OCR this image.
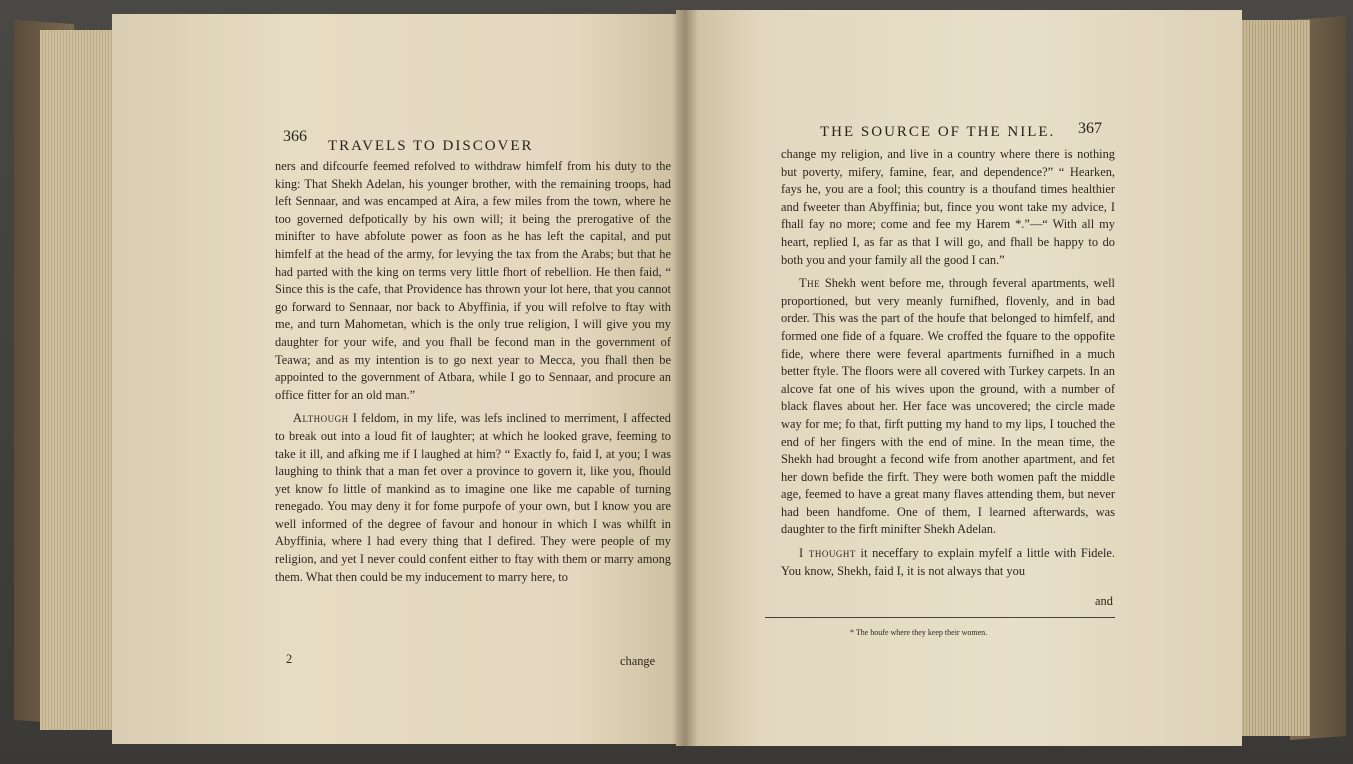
366
TRAVELS TO DISCOVER

ners and difcourfe feemed refolved to withdraw himfelf from his duty to the king: That Shekh Adelan, his younger brother, with the remaining troops, had left Sennaar, and was encamped at Aira, a few miles from the town, where he too governed defpotically by his own will; it being the prerogative of the minifter to have abfolute power as foon as he has left the capital, and put himfelf at the head of the army, for levying the tax from the Arabs; but that he had parted with the king on terms very little fhort of rebellion. He then faid, “ Since this is the cafe, that Providence has thrown your lot here, that you cannot go forward to Sennaar, nor back to Abyffinia, if you will refolve to ftay with me, and turn Mahometan, which is the only true religion, I will give you my daughter for your wife, and you fhall be fecond man in the government of Teawa; and as my intention is to go next year to Mecca, you fhall then be appointed to the government of Atbara, while I go to Sennaar, and procure an office fitter for an old man.”

Although I feldom, in my life, was lefs inclined to merriment, I affected to break out into a loud fit of laughter; at which he looked grave, feeming to take it ill, and afking me if I laughed at him? “ Exactly fo, faid I, at you; I was laughing to think that a man fet over a province to govern it, like you, fhould yet know fo little of mankind as to imagine one like me capable of turning renegado. You may deny it for fome purpofe of your own, but I know you are well informed of the degree of favour and honour in which I was whilft in Abyffinia, where I had every thing that I defired. They were people of my religion, and yet I never could confent either to ftay with them or marry among them. What then could be my inducement to marry here, to

2	change
THE SOURCE OF THE NILE. 367

change my religion, and live in a country where there is nothing but poverty, mifery, famine, fear, and dependence?” “ Hearken, fays he, you are a fool; this country is a thoufand times healthier and fweeter than Abyffinia; but, fince you wont take my advice, I fhall fay no more; come and fee my Harem *.”—“ With all my heart, replied I, as far as that I will go, and fhall be happy to do both you and your family all the good I can.”

The Shekh went before me, through feveral apartments, well proportioned, but very meanly furnifhed, flovenly, and in bad order. This was the part of the houfe that belonged to himfelf, and formed one fide of a fquare. We croffed the fquare to the oppofite fide, where there were feveral apartments furnifhed in a much better ftyle. The floors were all covered with Turkey carpets. In an alcove fat one of his wives upon the ground, with a number of black flaves about her. Her face was uncovered; the circle made way for me; fo that, firft putting my hand to my lips, I touched the end of her fingers with the end of mine. In the mean time, the Shekh had brought a fecond wife from another apartment, and fet her down befide the firft. They were both women paft the middle age, feemed to have a great many flaves attending them, but never had been handfome. One of them, I learned afterwards, was daughter to the firft minifter Shekh Adelan.

I thought it neceffary to explain myfelf a little with Fidele. You know, Shekh, faid I, it is not always that you

and
* The houfe where they keep their women.
